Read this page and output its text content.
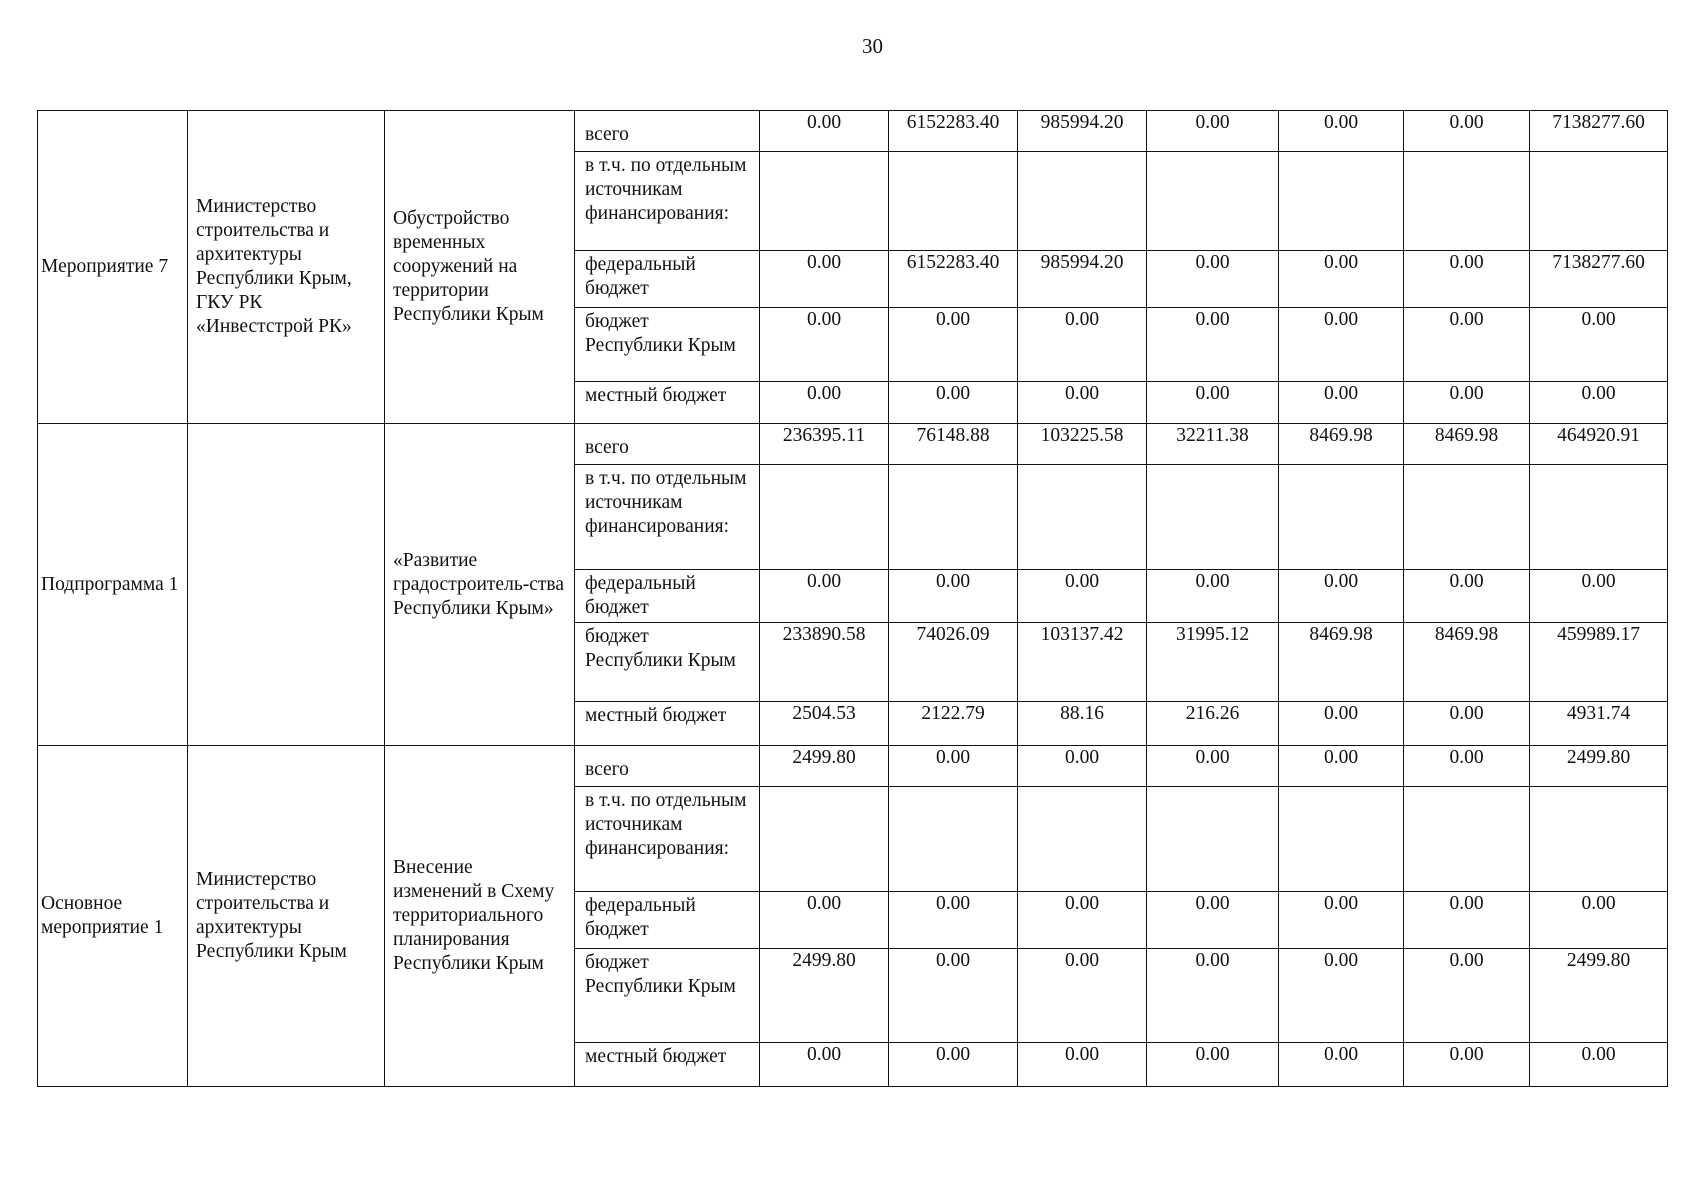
30
Мероприятие 7	Министерство строительства и архитектуры Республики Крым, ГКУ РК «Инвестстрой РК»	Обустройство временных сооружений на территории Республики Крым	всего	0.00	6152283.40	985994.20	0.00	0.00	0.00	7138277.60
			в т.ч. по отдельным источникам финансирования:							
			федеральный бюджет	0.00	6152283.40	985994.20	0.00	0.00	0.00	7138277.60
			бюджет Республики Крым	0.00	0.00	0.00	0.00	0.00	0.00	0.00
			местный бюджет	0.00	0.00	0.00	0.00	0.00	0.00	0.00
Подпрограмма 1		«Развитие градостроитель-ства Республики Крым»	всего	236395.11	76148.88	103225.58	32211.38	8469.98	8469.98	464920.91
			в т.ч. по отдельным источникам финансирования:							
			федеральный бюджет	0.00	0.00	0.00	0.00	0.00	0.00	0.00
			бюджет Республики Крым	233890.58	74026.09	103137.42	31995.12	8469.98	8469.98	459989.17
			местный бюджет	2504.53	2122.79	88.16	216.26	0.00	0.00	4931.74
Основное мероприятие 1	Министерство строительства и архитектуры Республики Крым	Внесение изменений в Схему территориального планирования Республики Крым	всего	2499.80	0.00	0.00	0.00	0.00	0.00	2499.80
			в т.ч. по отдельным источникам финансирования:							
			федеральный бюджет	0.00	0.00	0.00	0.00	0.00	0.00	0.00
			бюджет Республики Крым	2499.80	0.00	0.00	0.00	0.00	0.00	2499.80
			местный бюджет	0.00	0.00	0.00	0.00	0.00	0.00	0.00
